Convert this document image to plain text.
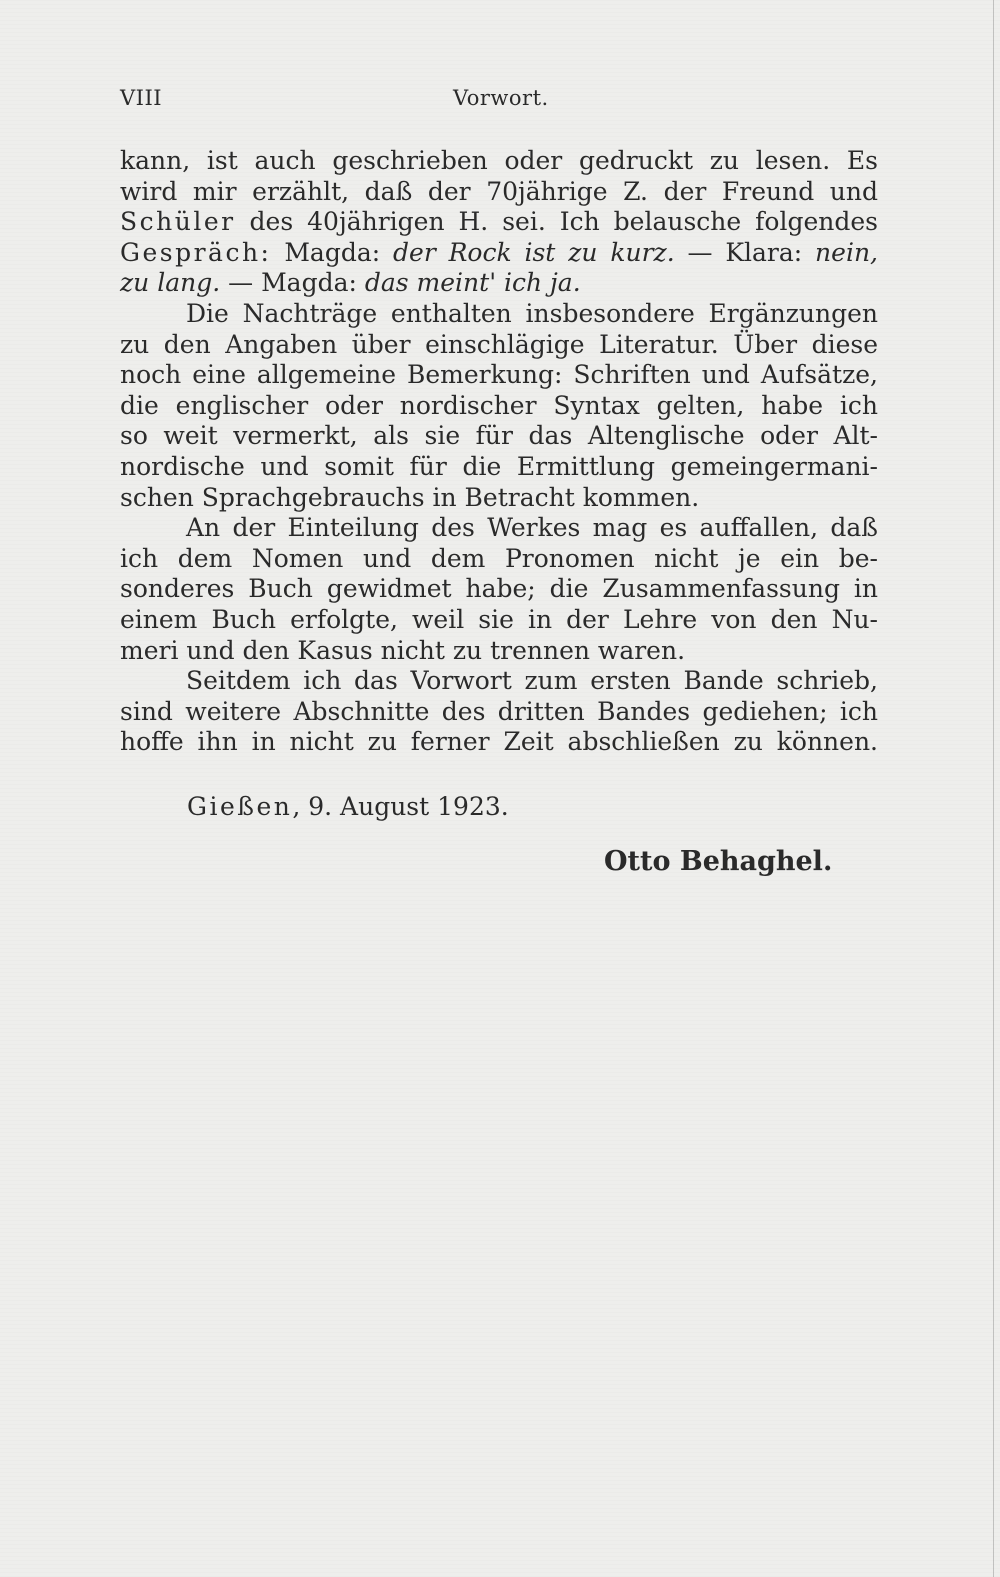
VIII	Vorwort.
kann, ist auch geschrieben oder gedruckt zu lesen. Es
wird mir erzählt, daß der 70jährige Z. der Freund und
Schüler des 40jährigen H. sei. Ich belausche folgendes
Gespräch: Magda: der Rock ist zu kurz. — Klara: nein,
zu lang. — Magda: das meint' ich ja.
Die Nachträge enthalten insbesondere Ergänzungen
zu den Angaben über einschlägige Literatur. Über diese
noch eine allgemeine Bemerkung: Schriften und Aufsätze,
die englischer oder nordischer Syntax gelten, habe ich
so weit vermerkt, als sie für das Altenglische oder Alt-
nordische und somit für die Ermittlung gemeingermani-
schen Sprachgebrauchs in Betracht kommen.
An der Einteilung des Werkes mag es auffallen, daß
ich dem Nomen und dem Pronomen nicht je ein be-
sonderes Buch gewidmet habe; die Zusammenfassung in
einem Buch erfolgte, weil sie in der Lehre von den Nu-
meri und den Kasus nicht zu trennen waren.
Seitdem ich das Vorwort zum ersten Bande schrieb,
sind weitere Abschnitte des dritten Bandes gediehen; ich
hoffe ihn in nicht zu ferner Zeit abschließen zu können.
Gießen, 9. August 1923.
Otto Behaghel.
